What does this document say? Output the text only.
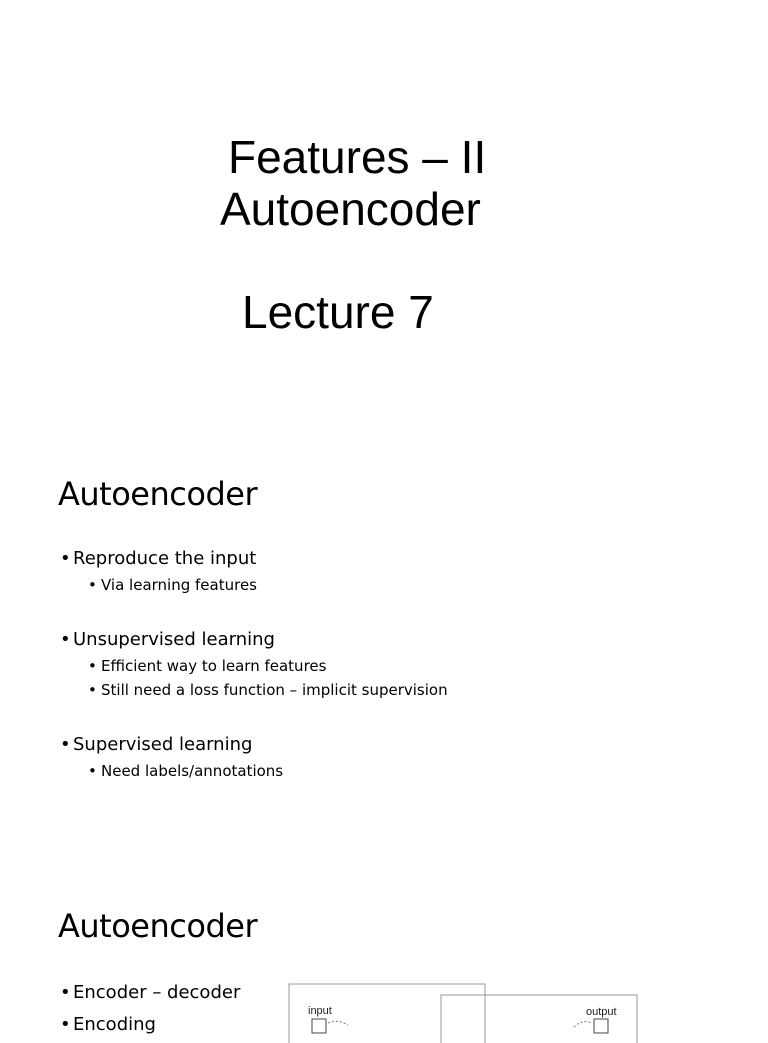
Features – II
Autoencoder
Lecture 7
Autoencoder
• Reproduce the input
• Via learning features
• Unsupervised learning
• Efficient way to learn features
• Still need a loss function – implicit supervision
• Supervised learning
• Need labels/annotations
Autoencoder
• Encoder – decoder
• Encoding
input	output
